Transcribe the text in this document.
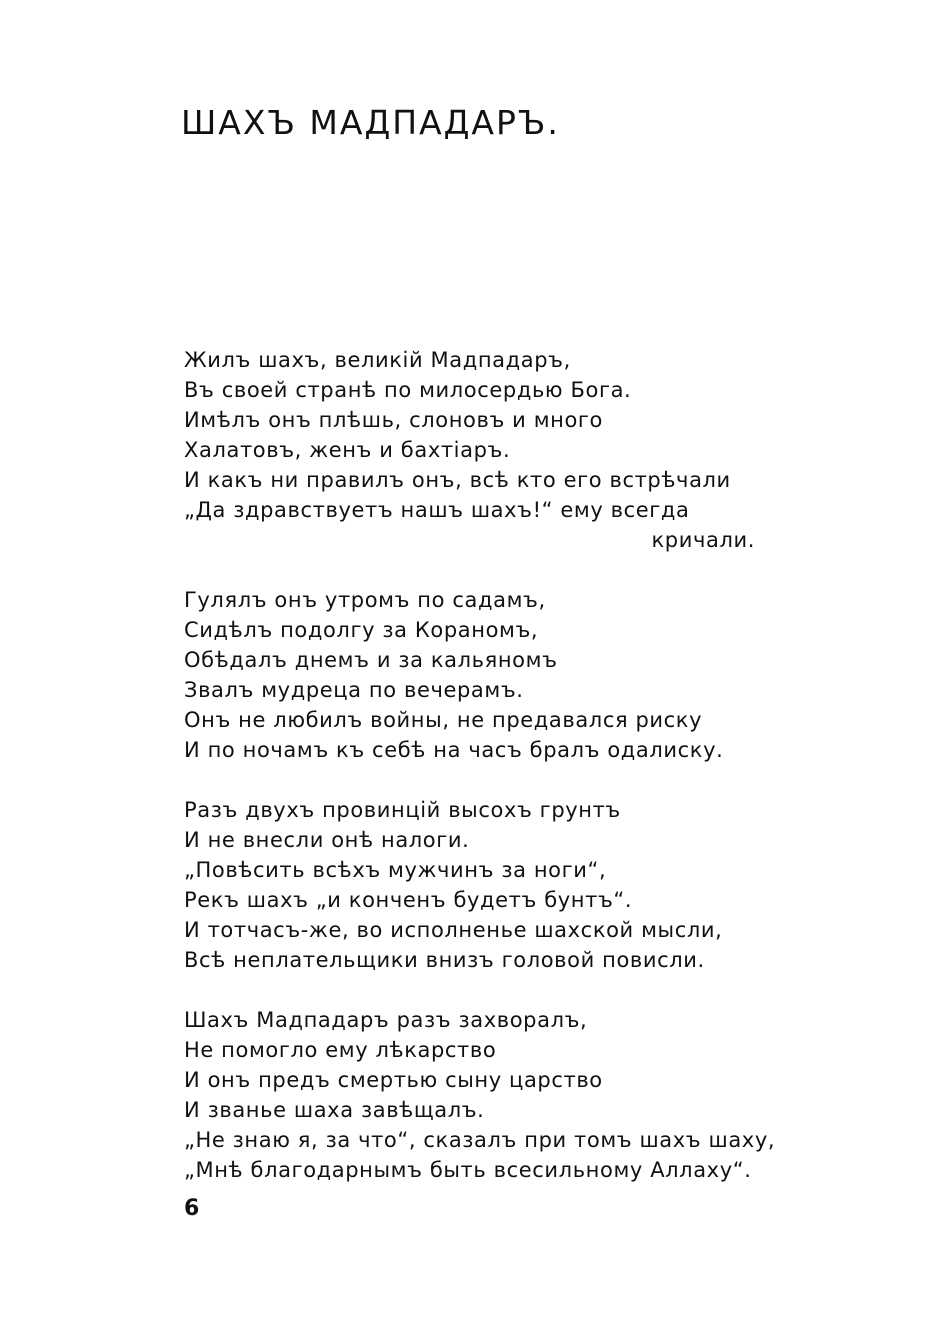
ШАХЪ МАДПАДАРЪ.
Жилъ шахъ, великій Мадпадаръ,
Въ своей странѣ по милосердью Бога.
Имѣлъ онъ плѣшь, слоновъ и много
Халатовъ, женъ и бахтіаръ.
И какъ ни правилъ онъ, всѣ кто его встрѣчали
„Да здравствуетъ нашъ шахъ!“ ему всегда
кричали.
Гулялъ онъ утромъ по садамъ,
Сидѣлъ подолгу за Кораномъ,
Обѣдалъ днемъ и за кальяномъ
Звалъ мудреца по вечерамъ.
Онъ не любилъ войны, не предавался риску
И по ночамъ къ себѣ на часъ бралъ одалиску.
Разъ двухъ провинцій высохъ грунтъ
И не внесли онѣ налоги.
„Повѣсить всѣхъ мужчинъ за ноги“,
Рекъ шахъ „и конченъ будетъ бунтъ“.
И тотчасъ-же, во исполненье шахской мысли,
Всѣ неплательщики внизъ головой повисли.
Шахъ Мадпадаръ разъ захворалъ,
Не помогло ему лѣкарство
И онъ предъ смертью сыну царство
И званье шаха завѣщалъ.
„Не знаю я, за что“, сказалъ при томъ шахъ шаху,
„Мнѣ благодарнымъ быть всесильному Аллаху“.
6
